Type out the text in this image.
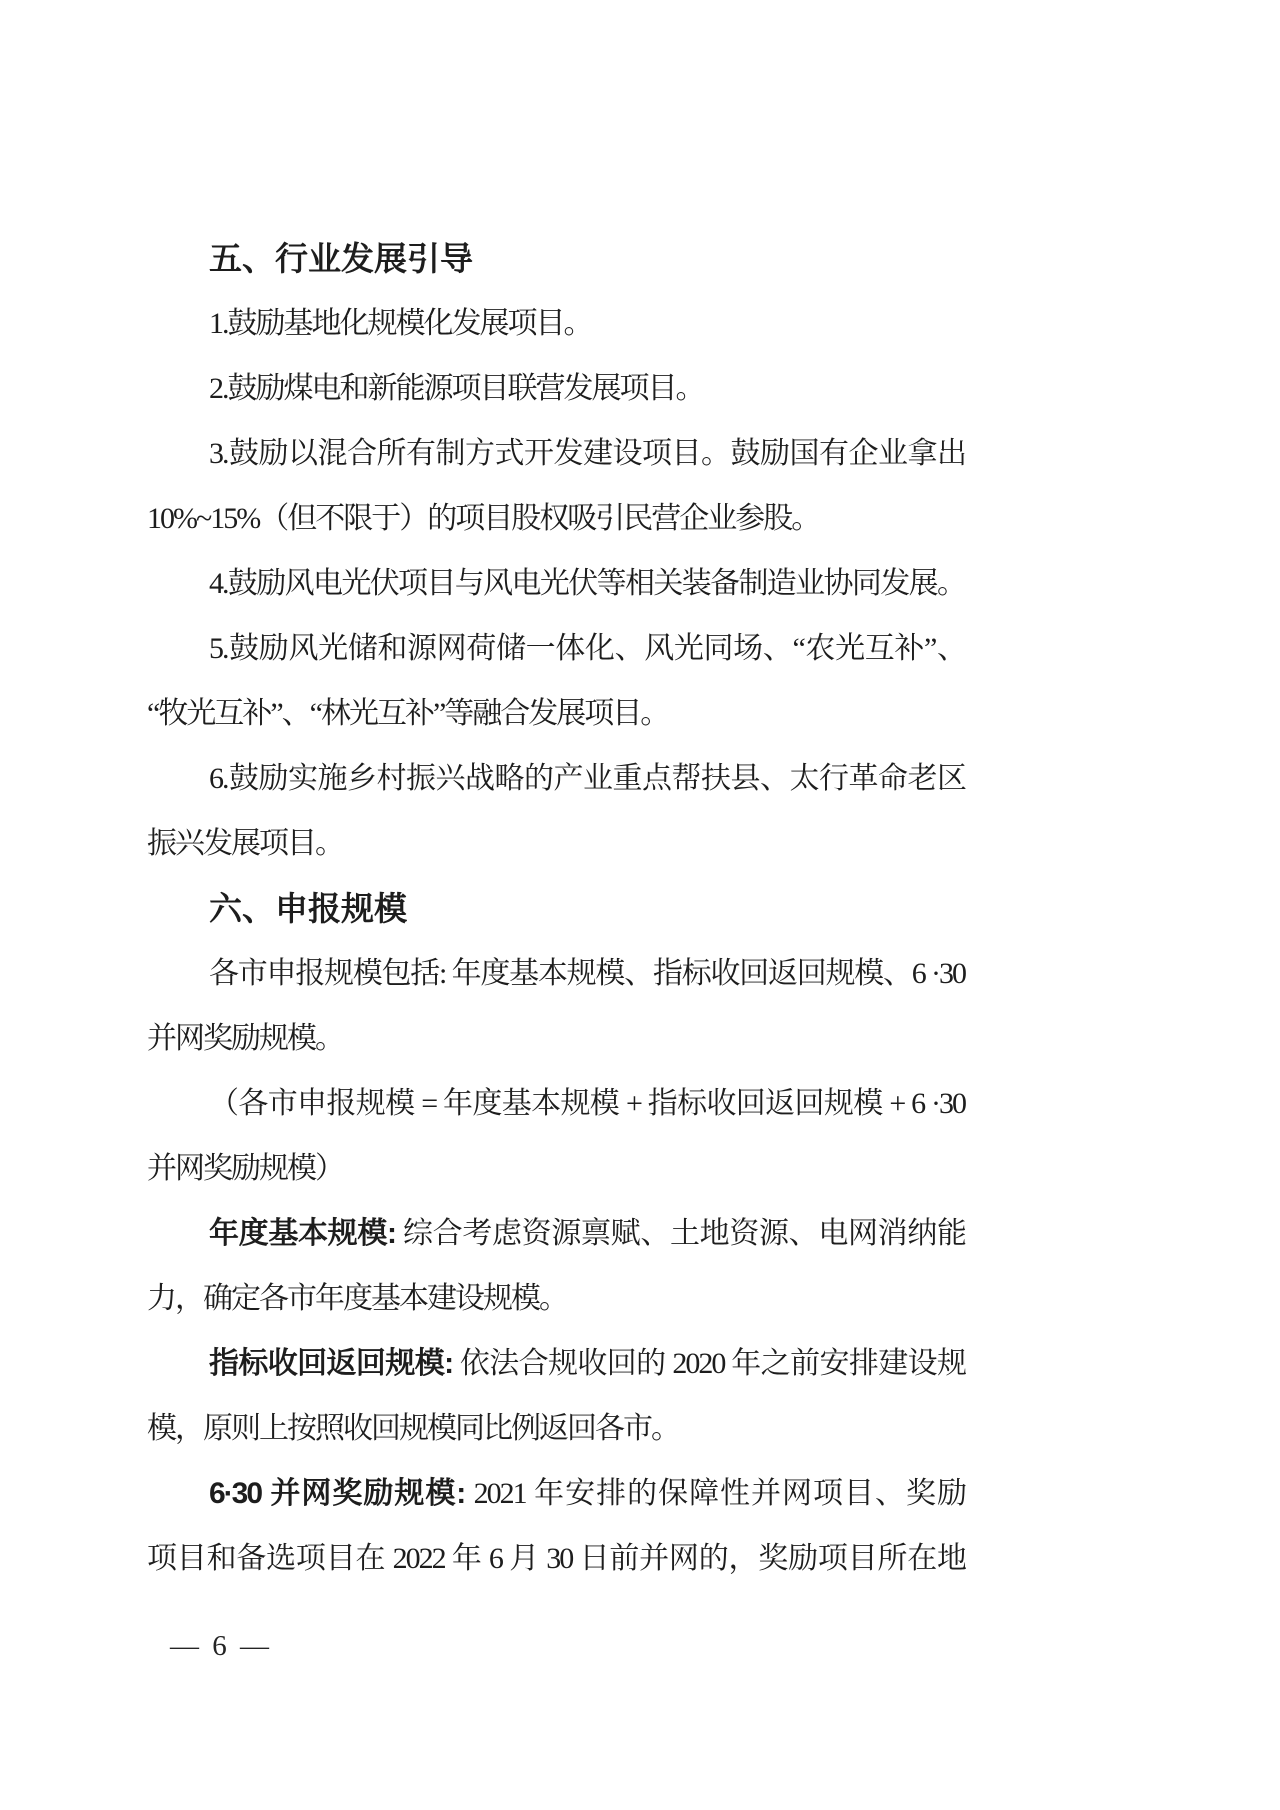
五、行业发展引导
1.鼓励基地化规模化发展项目。
2.鼓励煤电和新能源项目联营发展项目。
3.鼓励以混合所有制方式开发建设项目。鼓励国有企业拿出
10%~15%（但不限于）的项目股权吸引民营企业参股。
4.鼓励风电光伏项目与风电光伏等相关装备制造业协同发展。
5.鼓励风光储和源网荷储一体化、风光同场、“农光互补”、
“牧光互补”、“林光互补”等融合发展项目。
6.鼓励实施乡村振兴战略的产业重点帮扶县、太行革命老区
振兴发展项目。
六、申报规模
各市申报规模包括: 年度基本规模、指标收回返回规模、6 ·30
并网奖励规模。
（各市申报规模 = 年度基本规模 + 指标收回返回规模 + 6 ·30
并网奖励规模）
年度基本规模: 综合考虑资源禀赋、土地资源、电网消纳能
力，确定各市年度基本建设规模。
指标收回返回规模: 依法合规收回的 2020 年之前安排建设规
模，原则上按照收回规模同比例返回各市。
6·30 并网奖励规模: 2021 年安排的保障性并网项目、奖励
项目和备选项目在 2022 年 6 月 30 日前并网的，奖励项目所在地
— 6 —
